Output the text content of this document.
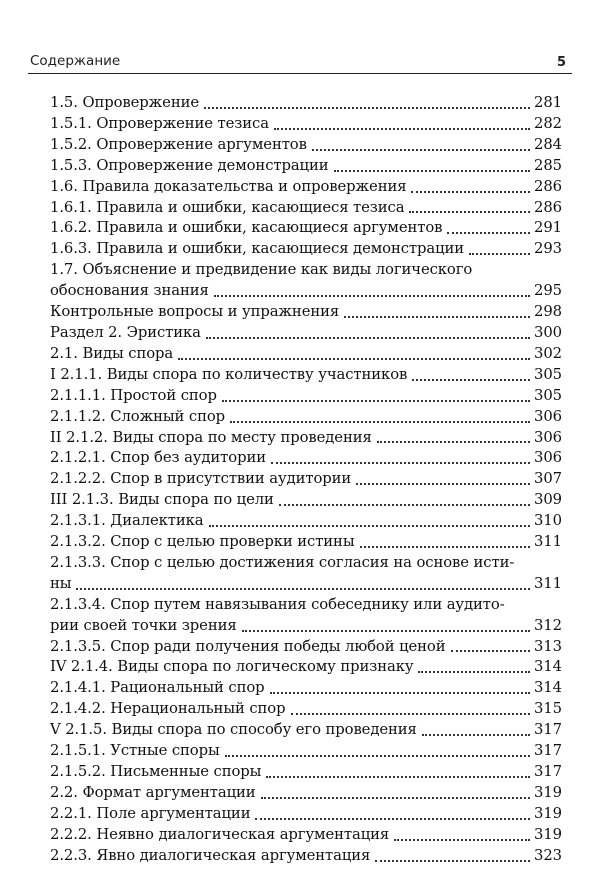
Содержание	5
1.5. Опровержение	281
1.5.1. Опровержение тезиса	282
1.5.2. Опровержение аргументов	284
1.5.3. Опровержение демонстрации	285
1.6. Правила доказательства и опровержения	286
1.6.1. Правила и ошибки, касающиеся тезиса	286
1.6.2. Правила и ошибки, касающиеся аргументов	291
1.6.3. Правила и ошибки, касающиеся демонстрации	293
1.7. Объяснение и предвидение как виды логического
обоснования знания	295
Контрольные вопросы и упражнения	298
Раздел 2. Эристика	300
2.1. Виды спора	302
I 2.1.1. Виды спора по количеству участников	305
2.1.1.1. Простой спор	305
2.1.1.2. Сложный спор	306
II 2.1.2. Виды спора по месту проведения	306
2.1.2.1. Спор без аудитории	306
2.1.2.2. Спор в присутствии аудитории	307
III 2.1.3. Виды спора по цели	309
2.1.3.1. Диалектика	310
2.1.3.2. Спор с целью проверки истины	311
2.1.3.3. Спор с целью достижения согласия на основе исти-
ны	311
2.1.3.4. Спор путем навязывания собеседнику или аудито-
рии своей точки зрения	312
2.1.3.5. Спор ради получения победы любой ценой	313
IV 2.1.4. Виды спора по логическому признаку	314
2.1.4.1. Рациональный спор	314
2.1.4.2. Нерациональный спор	315
V 2.1.5. Виды спора по способу его проведения	317
2.1.5.1. Устные споры	317
2.1.5.2. Письменные споры	317
2.2. Формат аргументации	319
2.2.1. Поле аргументации	319
2.2.2. Неявно диалогическая аргументация	319
2.2.3. Явно диалогическая аргументация	323
